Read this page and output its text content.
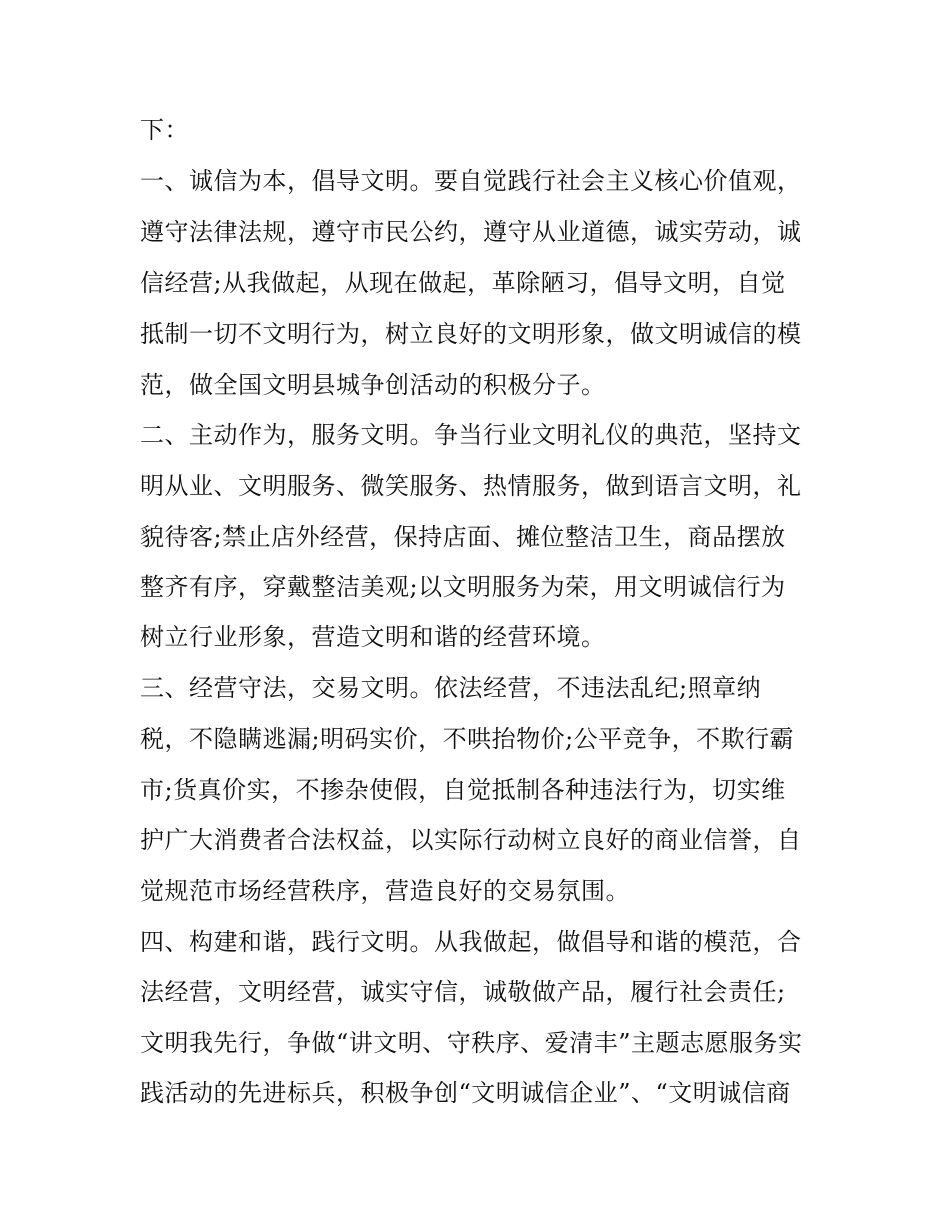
下：
一、诚信为本，倡导文明。要自觉践行社会主义核心价值观，
遵守法律法规，遵守市民公约，遵守从业道德，诚实劳动，诚
信经营;从我做起，从现在做起，革除陋习，倡导文明，自觉
抵制一切不文明行为，树立良好的文明形象，做文明诚信的模
范，做全国文明县城争创活动的积极分子。
二、主动作为，服务文明。争当行业文明礼仪的典范，坚持文
明从业、文明服务、微笑服务、热情服务，做到语言文明，礼
貌待客;禁止店外经营，保持店面、摊位整洁卫生，商品摆放
整齐有序，穿戴整洁美观;以文明服务为荣，用文明诚信行为
树立行业形象，营造文明和谐的经营环境。
三、经营守法，交易文明。依法经营，不违法乱纪;照章纳
税，不隐瞒逃漏;明码实价，不哄抬物价;公平竞争，不欺行霸
市;货真价实，不掺杂使假，自觉抵制各种违法行为，切实维
护广大消费者合法权益，以实际行动树立良好的商业信誉，自
觉规范市场经营秩序，营造良好的交易氛围。
四、构建和谐，践行文明。从我做起，做倡导和谐的模范，合
法经营，文明经营，诚实守信，诚敬做产品，履行社会责任;
文明我先行，争做“讲文明、守秩序、爱清丰”主题志愿服务实
践活动的先进标兵，积极争创“文明诚信企业”、“文明诚信商
